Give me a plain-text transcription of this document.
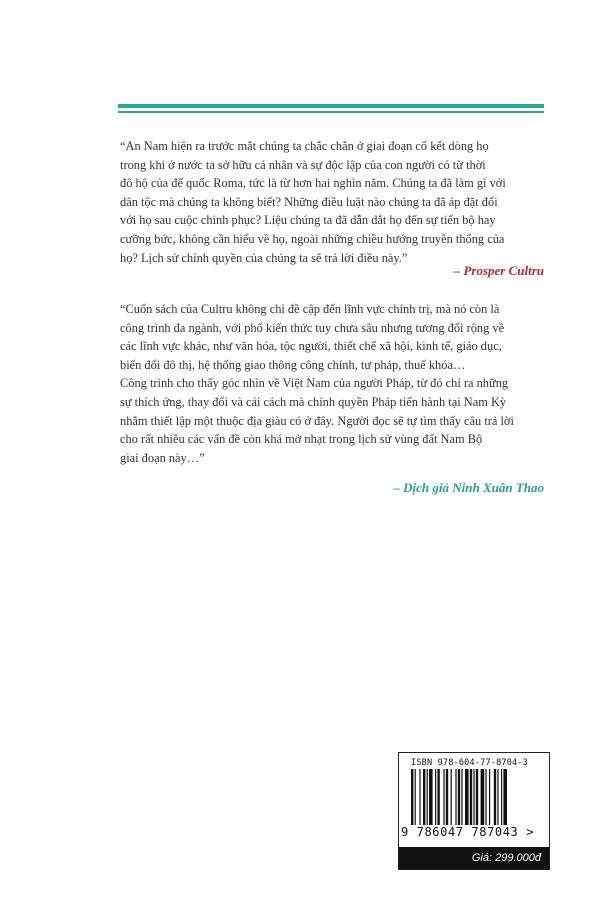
“An Nam hiện ra trước mắt chúng ta chắc chắn ở giai đoạn cố kết dòng họ

trong khi ở nước ta sở hữu cá nhân và sự độc lập của con người có từ thời

đô hộ của đế quốc Roma, tức là từ hơn hai nghìn năm. Chúng ta đã làm gì với

dân tộc mà chúng ta không biết? Những điều luật nào chúng ta đã áp đặt đối

với họ sau cuộc chinh phục? Liệu chúng ta đã dẫn dắt họ đến sự tiến bộ hay

cưỡng bức, không cần hiểu về họ, ngoài những chiều hướng truyền thống của

họ? Lịch sử chính quyền của chúng ta sẽ trả lời điều này.”

– Prosper Cultru

“Cuốn sách của Cultru không chỉ đề cập đến lĩnh vực chính trị, mà nó còn là

công trình đa ngành, với phổ kiến thức tuy chưa sâu nhưng tương đối rộng về

các lĩnh vực khác, như văn hóa, tộc người, thiết chế xã hội, kinh tế, giáo dục,

biến đổi đô thị, hệ thống giao thông công chính, tư pháp, thuế khóa…

Công trình cho thấy góc nhìn về Việt Nam của người Pháp, từ đó chỉ ra những

sự thích ứng, thay đổi và cải cách mà chính quyền Pháp tiến hành tại Nam Kỳ

nhằm thiết lập một thuộc địa giàu có ở đây. Người đọc sẽ tự tìm thấy câu trả lời

cho rất nhiều các vấn đề còn khá mở nhạt trong lịch sử vùng đất Nam Bộ

giai đoạn này…”

– Dịch giả Ninh Xuân Thao
ISBN 978-604-77-8704-3
9 786047 787043 >
Giá: 299.000đ
